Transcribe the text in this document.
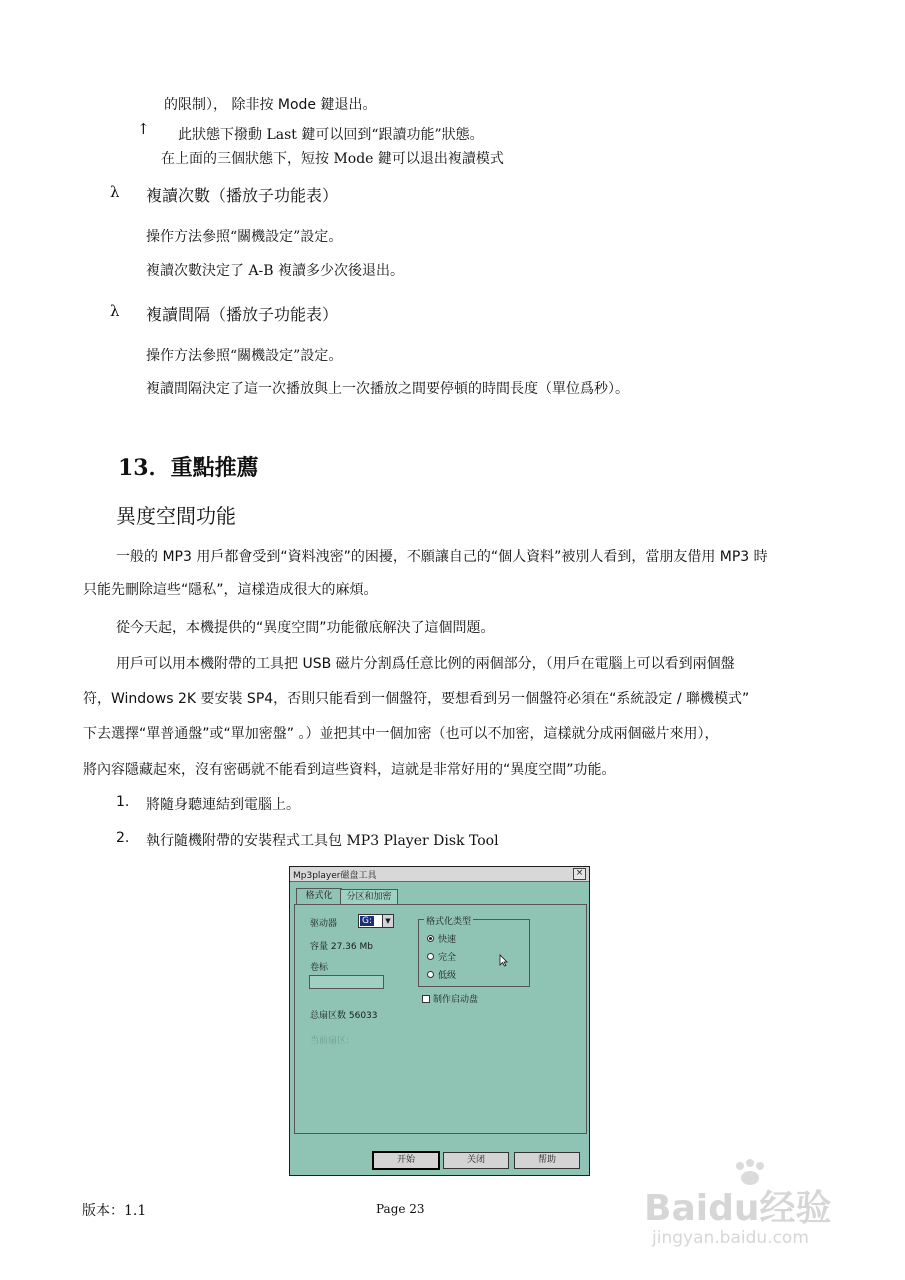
的限制）， 除非按 Mode 鍵退出。
↑ 此狀態下撥動 Last 鍵可以回到“跟讀功能”狀態。
在上面的三個狀態下，短按 Mode 鍵可以退出複讀模式
λ 複讀次數（播放子功能表）
操作方法參照“關機設定”設定。
複讀次數決定了 A-B 複讀多少次後退出。
λ 複讀間隔（播放子功能表）
操作方法參照“關機設定”設定。
複讀間隔決定了這一次播放與上一次播放之間要停頓的時間長度（單位爲秒）。
13．重點推薦
異度空間功能
一般的 MP3 用戶都會受到“資料洩密”的困擾，不願讓自己的“個人資料”被別人看到，當朋友借用 MP3 時
只能先刪除這些“隱私”，這樣造成很大的麻煩。
從今天起，本機提供的“異度空間”功能徹底解決了這個問題。
用戶可以用本機附帶的工具把 USB 磁片分割爲任意比例的兩個部分，（用戶在電腦上可以看到兩個盤
符，Windows 2K 要安裝 SP4，否則只能看到一個盤符，要想看到另一個盤符必須在“系統設定 / 聯機模式”
下去選擇“單普通盤”或“單加密盤” 。）並把其中一個加密（也可以不加密，這樣就分成兩個磁片來用），
將內容隱藏起來，沒有密碼就不能看到這些資料，這就是非常好用的“異度空間”功能。
1. 將隨身聽連結到電腦上。
2. 執行隨機附帶的安裝程式工具包 MP3 Player Disk Tool
Mp3player磁盘工具	×
格式化	分区和加密
驱动器	G:	▼
容量 27.36 Mb
卷标
总扇区数 56033
当前扇区:
格式化类型
快速
完全
低级
制作启动盘
开始	关闭	帮助
版本：1.1	Page 23	Baidu经验
jingyan.baidu.com
